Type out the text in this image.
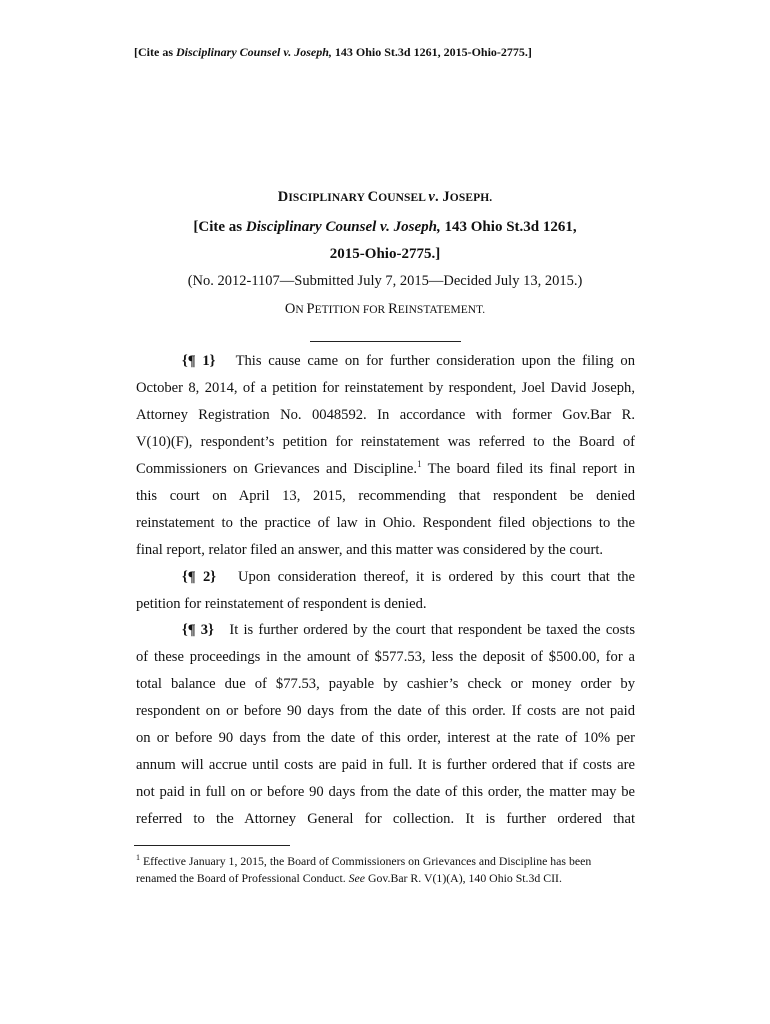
[Cite as Disciplinary Counsel v. Joseph, 143 Ohio St.3d 1261, 2015-Ohio-2775.]
DISCIPLINARY COUNSEL v. JOSEPH.
[Cite as Disciplinary Counsel v. Joseph, 143 Ohio St.3d 1261,
2015-Ohio-2775.]
(No. 2012-1107—Submitted July 7, 2015—Decided July 13, 2015.)
ON PETITION FOR REINSTATEMENT.
{¶ 1} This cause came on for further consideration upon the filing on
October 8, 2014, of a petition for reinstatement by respondent, Joel David Joseph,
Attorney Registration No. 0048592. In accordance with former Gov.Bar R.
V(10)(F), respondent’s petition for reinstatement was referred to the Board of
Commissioners on Grievances and Discipline.$^1$ The board filed its final report in
this court on April 13, 2015, recommending that respondent be denied
reinstatement to the practice of law in Ohio. Respondent filed objections to the
final report, relator filed an answer, and this matter was considered by the court.
{¶ 2} Upon consideration thereof, it is ordered by this court that the
petition for reinstatement of respondent is denied.
{¶ 3} It is further ordered by the court that respondent be taxed the costs
of these proceedings in the amount of $577.53, less the deposit of $500.00, for a
total balance due of $77.53, payable by cashier’s check or money order by
respondent on or before 90 days from the date of this order. If costs are not paid
on or before 90 days from the date of this order, interest at the rate of 10% per
annum will accrue until costs are paid in full. It is further ordered that if costs are
not paid in full on or before 90 days from the date of this order, the matter may be
referred to the Attorney General for collection. It is further ordered that
$^1$ Effective January 1, 2015, the Board of Commissioners on Grievances and Discipline has been
renamed the Board of Professional Conduct. See Gov.Bar R. V(1)(A), 140 Ohio St.3d CII.
